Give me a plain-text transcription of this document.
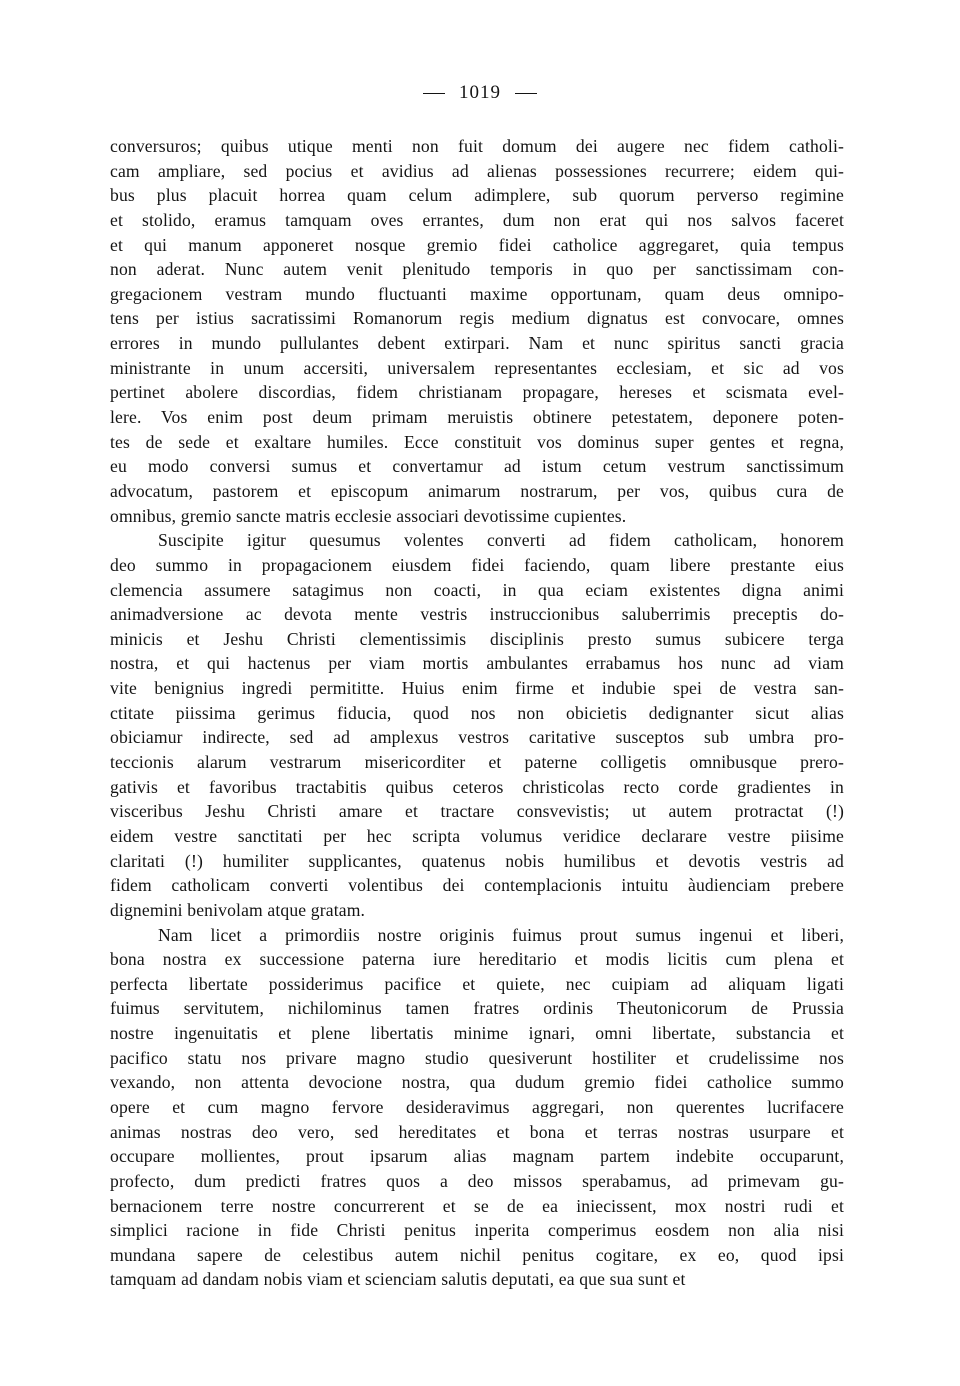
1019
conversuros; quibus utique menti non fuit domum dei augere nec fidem catholi-
cam ampliare, sed pocius et avidius ad alienas possessiones recurrere; eidem qui-
bus plus placuit horrea quam celum adimplere, sub quorum perverso regimine
et stolido, eramus tamquam oves errantes, dum non erat qui nos salvos faceret
et qui manum apponeret nosque gremio fidei catholice aggregaret, quia tempus
non aderat. Nunc autem venit plenitudo temporis in quo per sanctissimam con-
gregacionem vestram mundo fluctuanti maxime opportunam, quam deus omnipo-
tens per istius sacratissimi Romanorum regis medium dignatus est convocare, omnes
errores in mundo pullulantes debent extirpari. Nam et nunc spiritus sancti gracia
ministrante in unum accersiti, universalem representantes ecclesiam, et sic ad vos
pertinet abolere discordias, fidem christianam propagare, hereses et scismata evel-
lere. Vos enim post deum primam meruistis obtinere petestatem, deponere poten-
tes de sede et exaltare humiles. Ecce constituit vos dominus super gentes et regna,
eu modo conversi sumus et convertamur ad istum cetum vestrum sanctissimum
advocatum, pastorem et episcopum animarum nostrarum, per vos, quibus cura de
omnibus, gremio sancte matris ecclesie associari devotissime cupientes.
Suscipite igitur quesumus volentes converti ad fidem catholicam, honorem
deo summo in propagacionem eiusdem fidei faciendo, quam libere prestante eius
clemencia assumere satagimus non coacti, in qua eciam existentes digna animi
animadversione ac devota mente vestris instruccionibus saluberrimis preceptis do-
minicis et Jeshu Christi clementissimis disciplinis presto sumus subicere terga
nostra, et qui hactenus per viam mortis ambulantes errabamus hos nunc ad viam
vite benignius ingredi permititte. Huius enim firme et indubie spei de vestra san-
ctitate piissima gerimus fiducia, quod nos non obicietis dedignanter sicut alias
obiciamur indirecte, sed ad amplexus vestros caritative susceptos sub umbra pro-
teccionis alarum vestrarum misericorditer et paterne colligetis omnibusque prero-
gativis et favoribus tractabitis quibus ceteros christicolas recto corde gradientes in
visceribus Jeshu Christi amare et tractare consvevistis; ut autem protractat (!)
eidem vestre sanctitati per hec scripta volumus veridice declarare vestre piisime
claritati (!) humiliter supplicantes, quatenus nobis humilibus et devotis vestris ad
fidem catholicam converti volentibus dei contemplacionis intuitu àudienciam prebere
dignemini benivolam atque gratam.
Nam licet a primordiis nostre originis fuimus prout sumus ingenui et liberi,
bona nostra ex successione paterna iure hereditario et modis licitis cum plena et
perfecta libertate possiderimus pacifice et quiete, nec cuipiam ad aliquam ligati
fuimus servitutem, nichilominus tamen fratres ordinis Theutonicorum de Prussia
nostre ingenuitatis et plene libertatis minime ignari, omni libertate, substancia et
pacifico statu nos privare magno studio quesiverunt hostiliter et crudelissime nos
vexando, non attenta devocione nostra, qua dudum gremio fidei catholice summo
opere et cum magno fervore desideravimus aggregari, non querentes lucrifacere
animas nostras deo vero, sed hereditates et bona et terras nostras usurpare et
occupare mollientes, prout ipsarum alias magnam partem indebite occuparunt,
profecto, dum predicti fratres quos a deo missos sperabamus, ad primevam gu-
bernacionem terre nostre concurrerent et se de ea iniecissent, mox nostri rudi et
simplici racione in fide Christi penitus inperita comperimus eosdem non alia nisi
mundana sapere de celestibus autem nichil penitus cogitare, ex eo, quod ipsi
tamquam ad dandam nobis viam et scienciam salutis deputati, ea que sua sunt et
